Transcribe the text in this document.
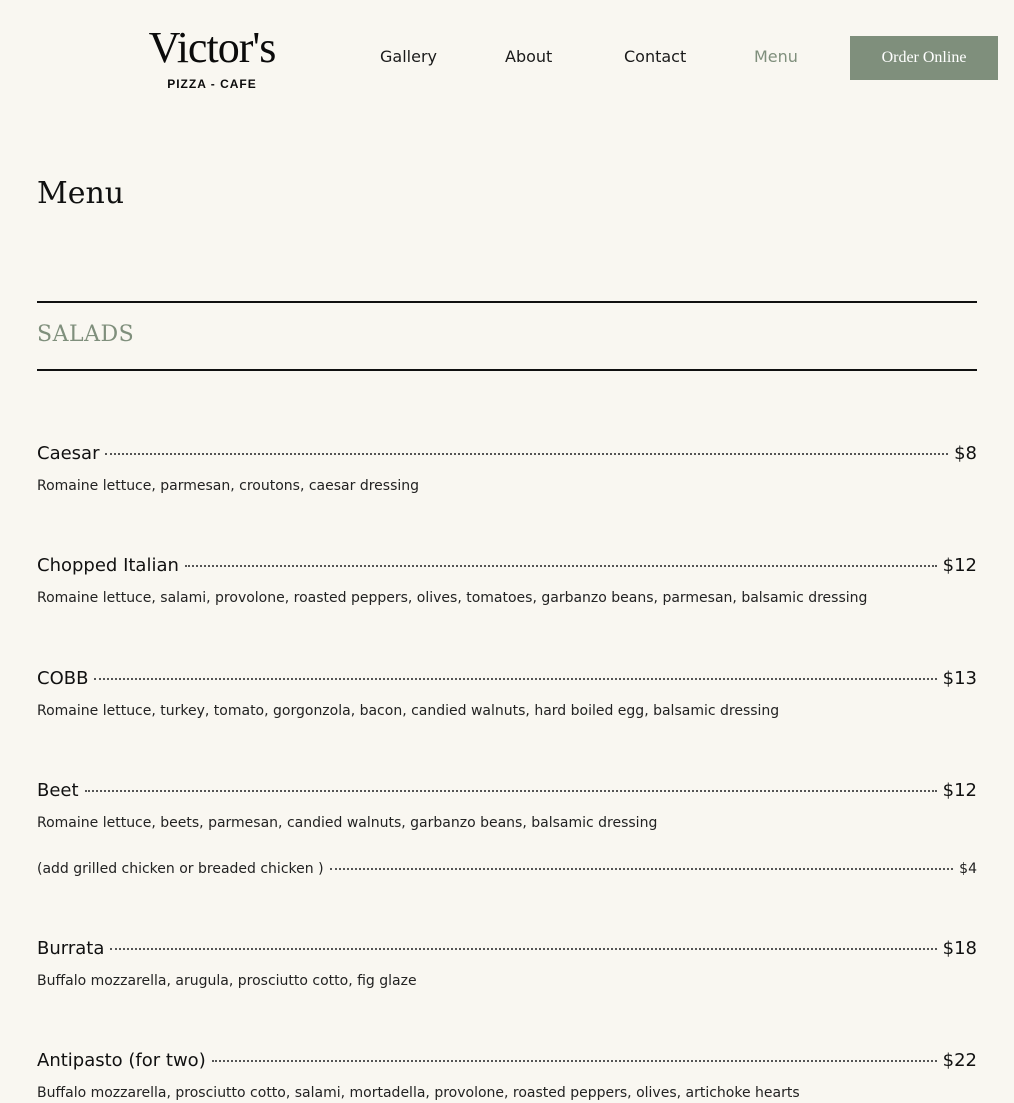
Victor's
PIZZA - CAFE
Gallery	About	Contact	Menu	Order Online
Menu
SALADS
Caesar	$8
Romaine lettuce, parmesan, croutons, caesar dressing
Chopped Italian	$12
Romaine lettuce, salami, provolone, roasted peppers, olives, tomatoes, garbanzo beans, parmesan, balsamic dressing
COBB	$13
Romaine lettuce, turkey, tomato, gorgonzola, bacon, candied walnuts, hard boiled egg, balsamic dressing
Beet	$12
Romaine lettuce, beets, parmesan, candied walnuts, garbanzo beans, balsamic dressing
(add grilled chicken or breaded chicken )	$4
Burrata	$18
Buffalo mozzarella, arugula, prosciutto cotto, fig glaze
Antipasto (for two)	$22
Buffalo mozzarella, prosciutto cotto, salami, mortadella, provolone, roasted peppers, olives, artichoke hearts
